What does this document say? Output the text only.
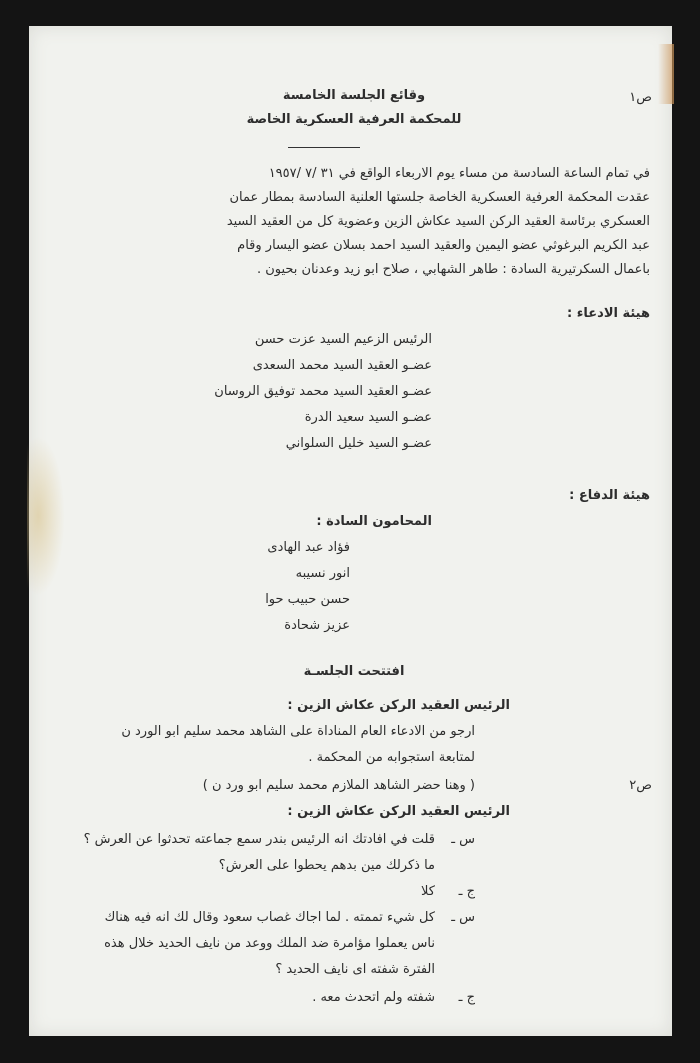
ص١
ص٢
وقائع الجلسة الخامسة
للمحكمة العرفية العسكرية الخاصة
في تمام الساعة السادسة من مساء يوم الاربعاء الواقع في ٣١ /٧ /١٩٥٧
عقدت المحكمة العرفية العسكرية الخاصة جلستها العلنية السادسة بمطار عمان
العسكري برئاسة العقيد الركن السيد عكاش الزين وعضوية كل من العقيد السيد
عبد الكريم البرغوثي عضو اليمين والعقيد السيد احمد بسلان عضو اليسار وقام
باعمال السكرتيرية السادة : طاهر الشهابي ، صلاح ابو زيد وعدنان بحيون .
هيئة الادعاء :
الرئيس الزعيم السيد عزت حسن
عضـو العقيد السيد محمد السعدى
عضـو العقيد السيد محمد توفيق الروسان
عضـو السيد سعيد الدرة
عضـو السيد خليل السلواني
هيئة الدفاع :
المحامون السادة :
فؤاد عبد الهادى
انور نسيبه
حسن حبيب حوا
عزيز شحادة
افتتحت الجلسـة
الرئيس العقيد الركن عكاش الزين :
ارجو من الادعاء العام المناداة على الشاهد محمد سليم ابو الورد ن
لمتابعة استجوابه من المحكمة .
( وهنا حضر الشاهد الملازم محمد سليم ابو ورد ن )
الرئيس العقيد الركن عكاش الزين :
س ـ
قلت في افادتك انه الرئيس بندر سمع جماعته تحدثوا عن العرش ؟
ما ذكرلك مين بدهم يحطوا على العرش؟
ج ـ
كلا
س ـ
كل شيء تممته . لما اجاك غصاب سعود وقال لك انه فيه هناك
ناس يعملوا مؤامرة ضد الملك ووعد من نايف الحديد خلال هذه
الفترة شفته اى نايف الحديد ؟
ج ـ
شفته ولم اتحدث معه .
